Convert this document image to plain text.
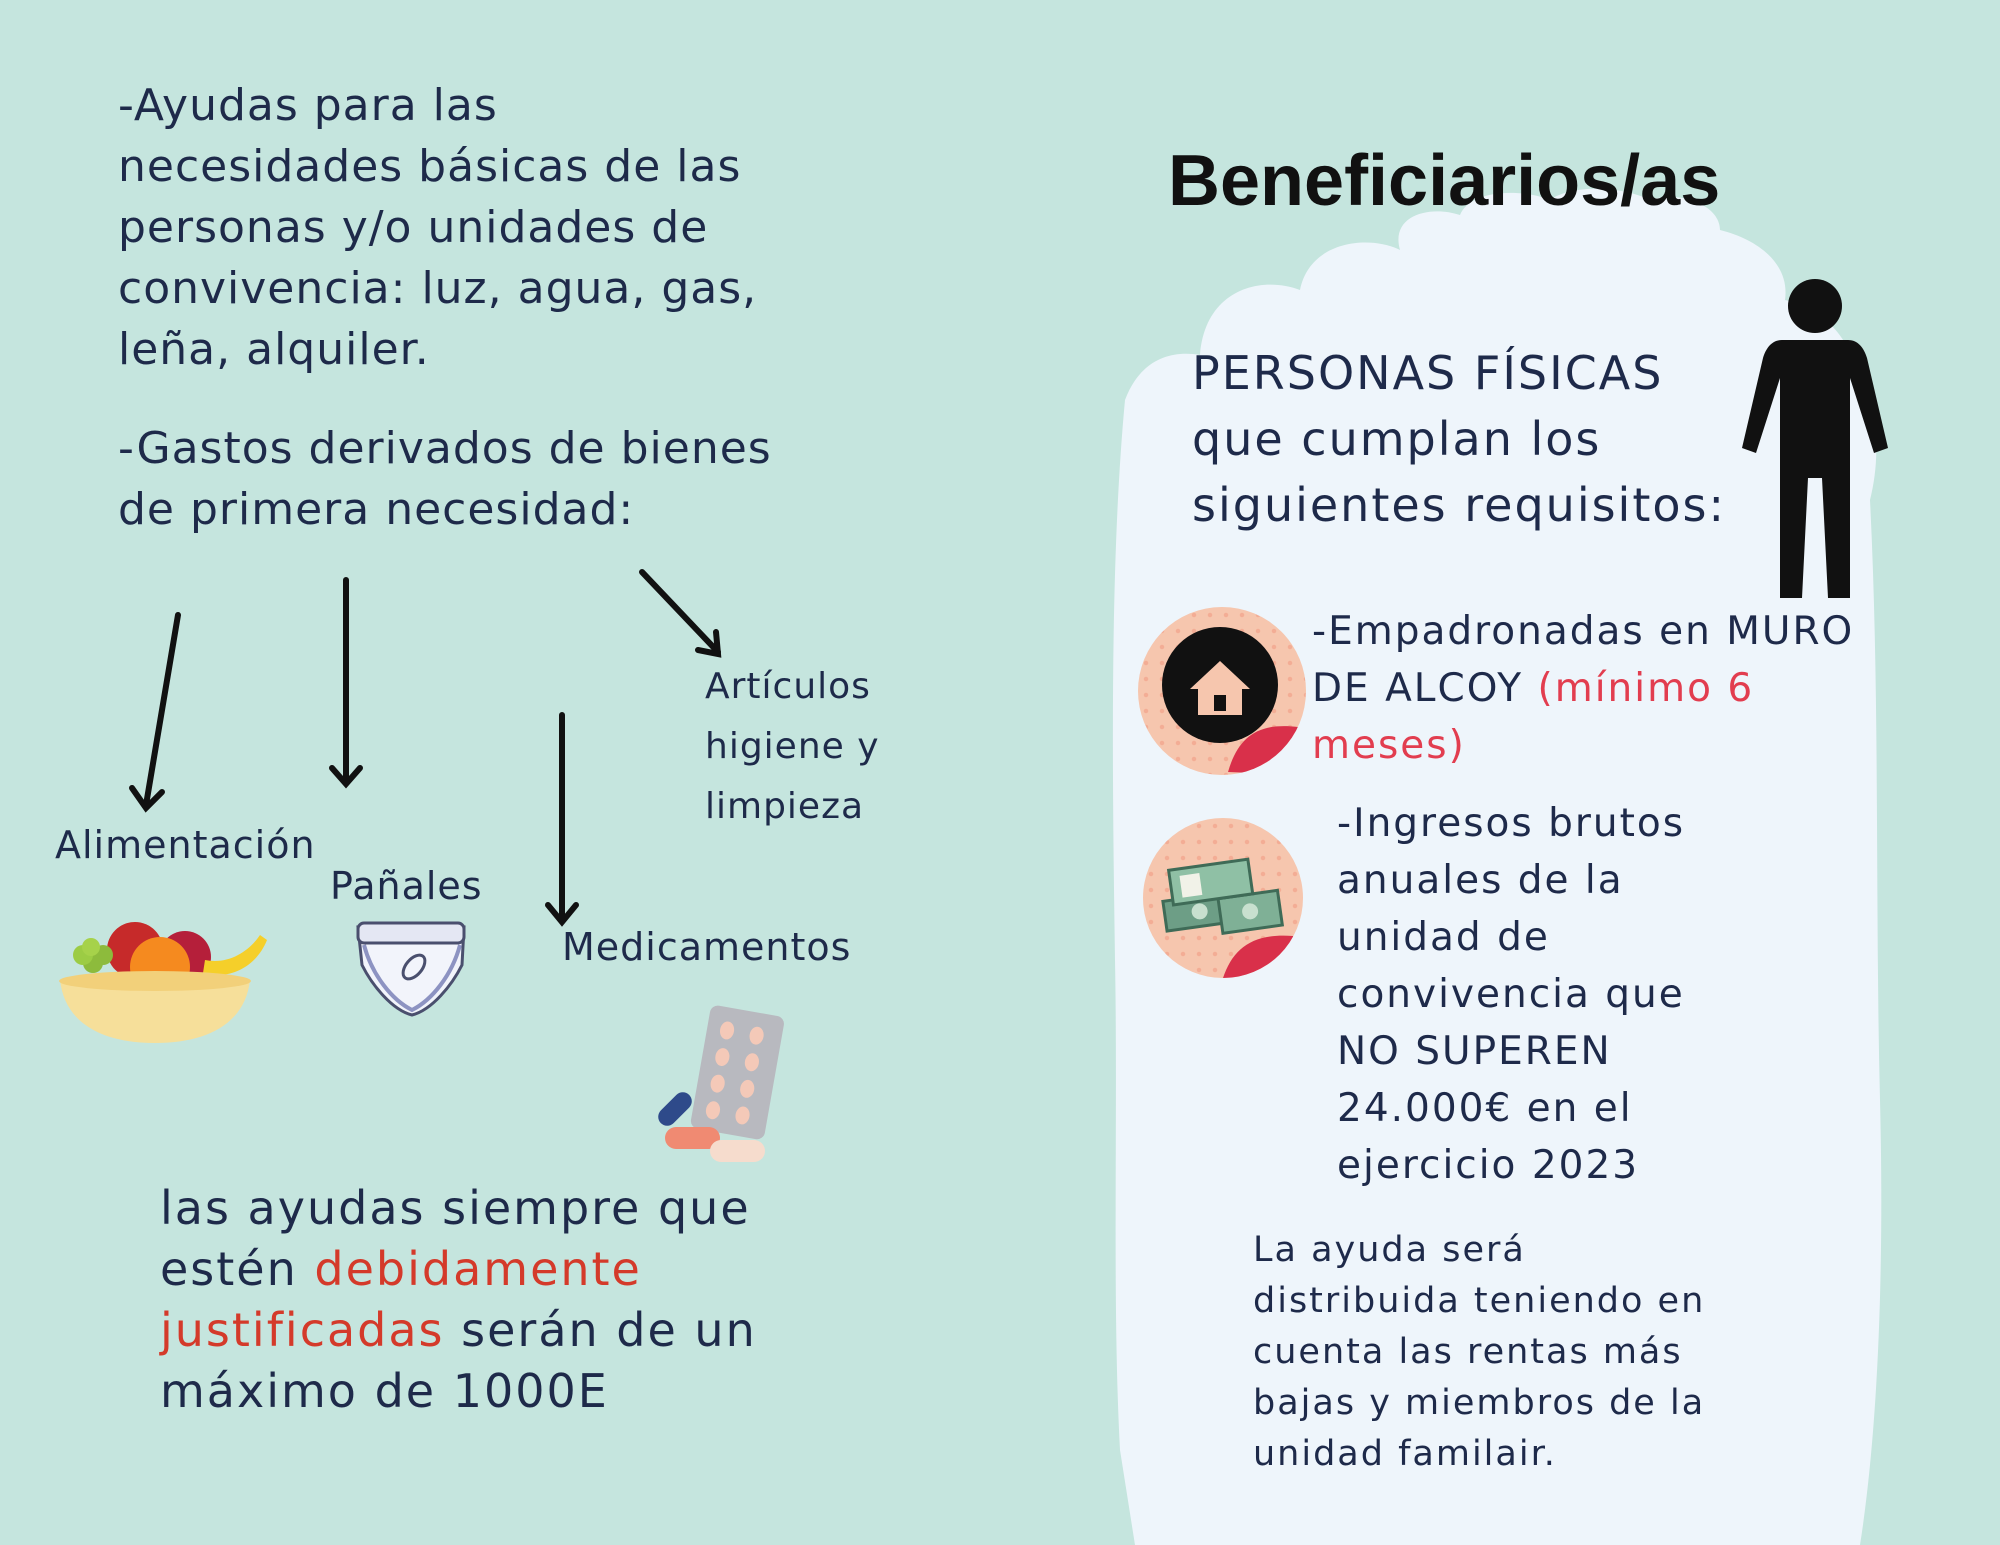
-Ayudas para las
necesidades básicas de las
personas y/o unidades de
convivencia: luz, agua, gas,
leña, alquiler.
-Gastos derivados de bienes
de primera necesidad:
Alimentación
Pañales
Medicamentos
Artículos
higiene y
limpieza
las ayudas siempre que
estén debidamente
justificadas serán de un
máximo de 1000E
Beneficiarios/as
PERSONAS FÍSICAS
que cumplan los
siguientes requisitos:
-Empadronadas en MURO
DE ALCOY (mínimo 6
meses)
-Ingresos brutos
anuales de la
unidad de
convivencia que
NO SUPEREN
24.000€ en el
ejercicio 2023
La ayuda será
distribuida teniendo en
cuenta las rentas más
bajas y miembros de la
unidad familair.
